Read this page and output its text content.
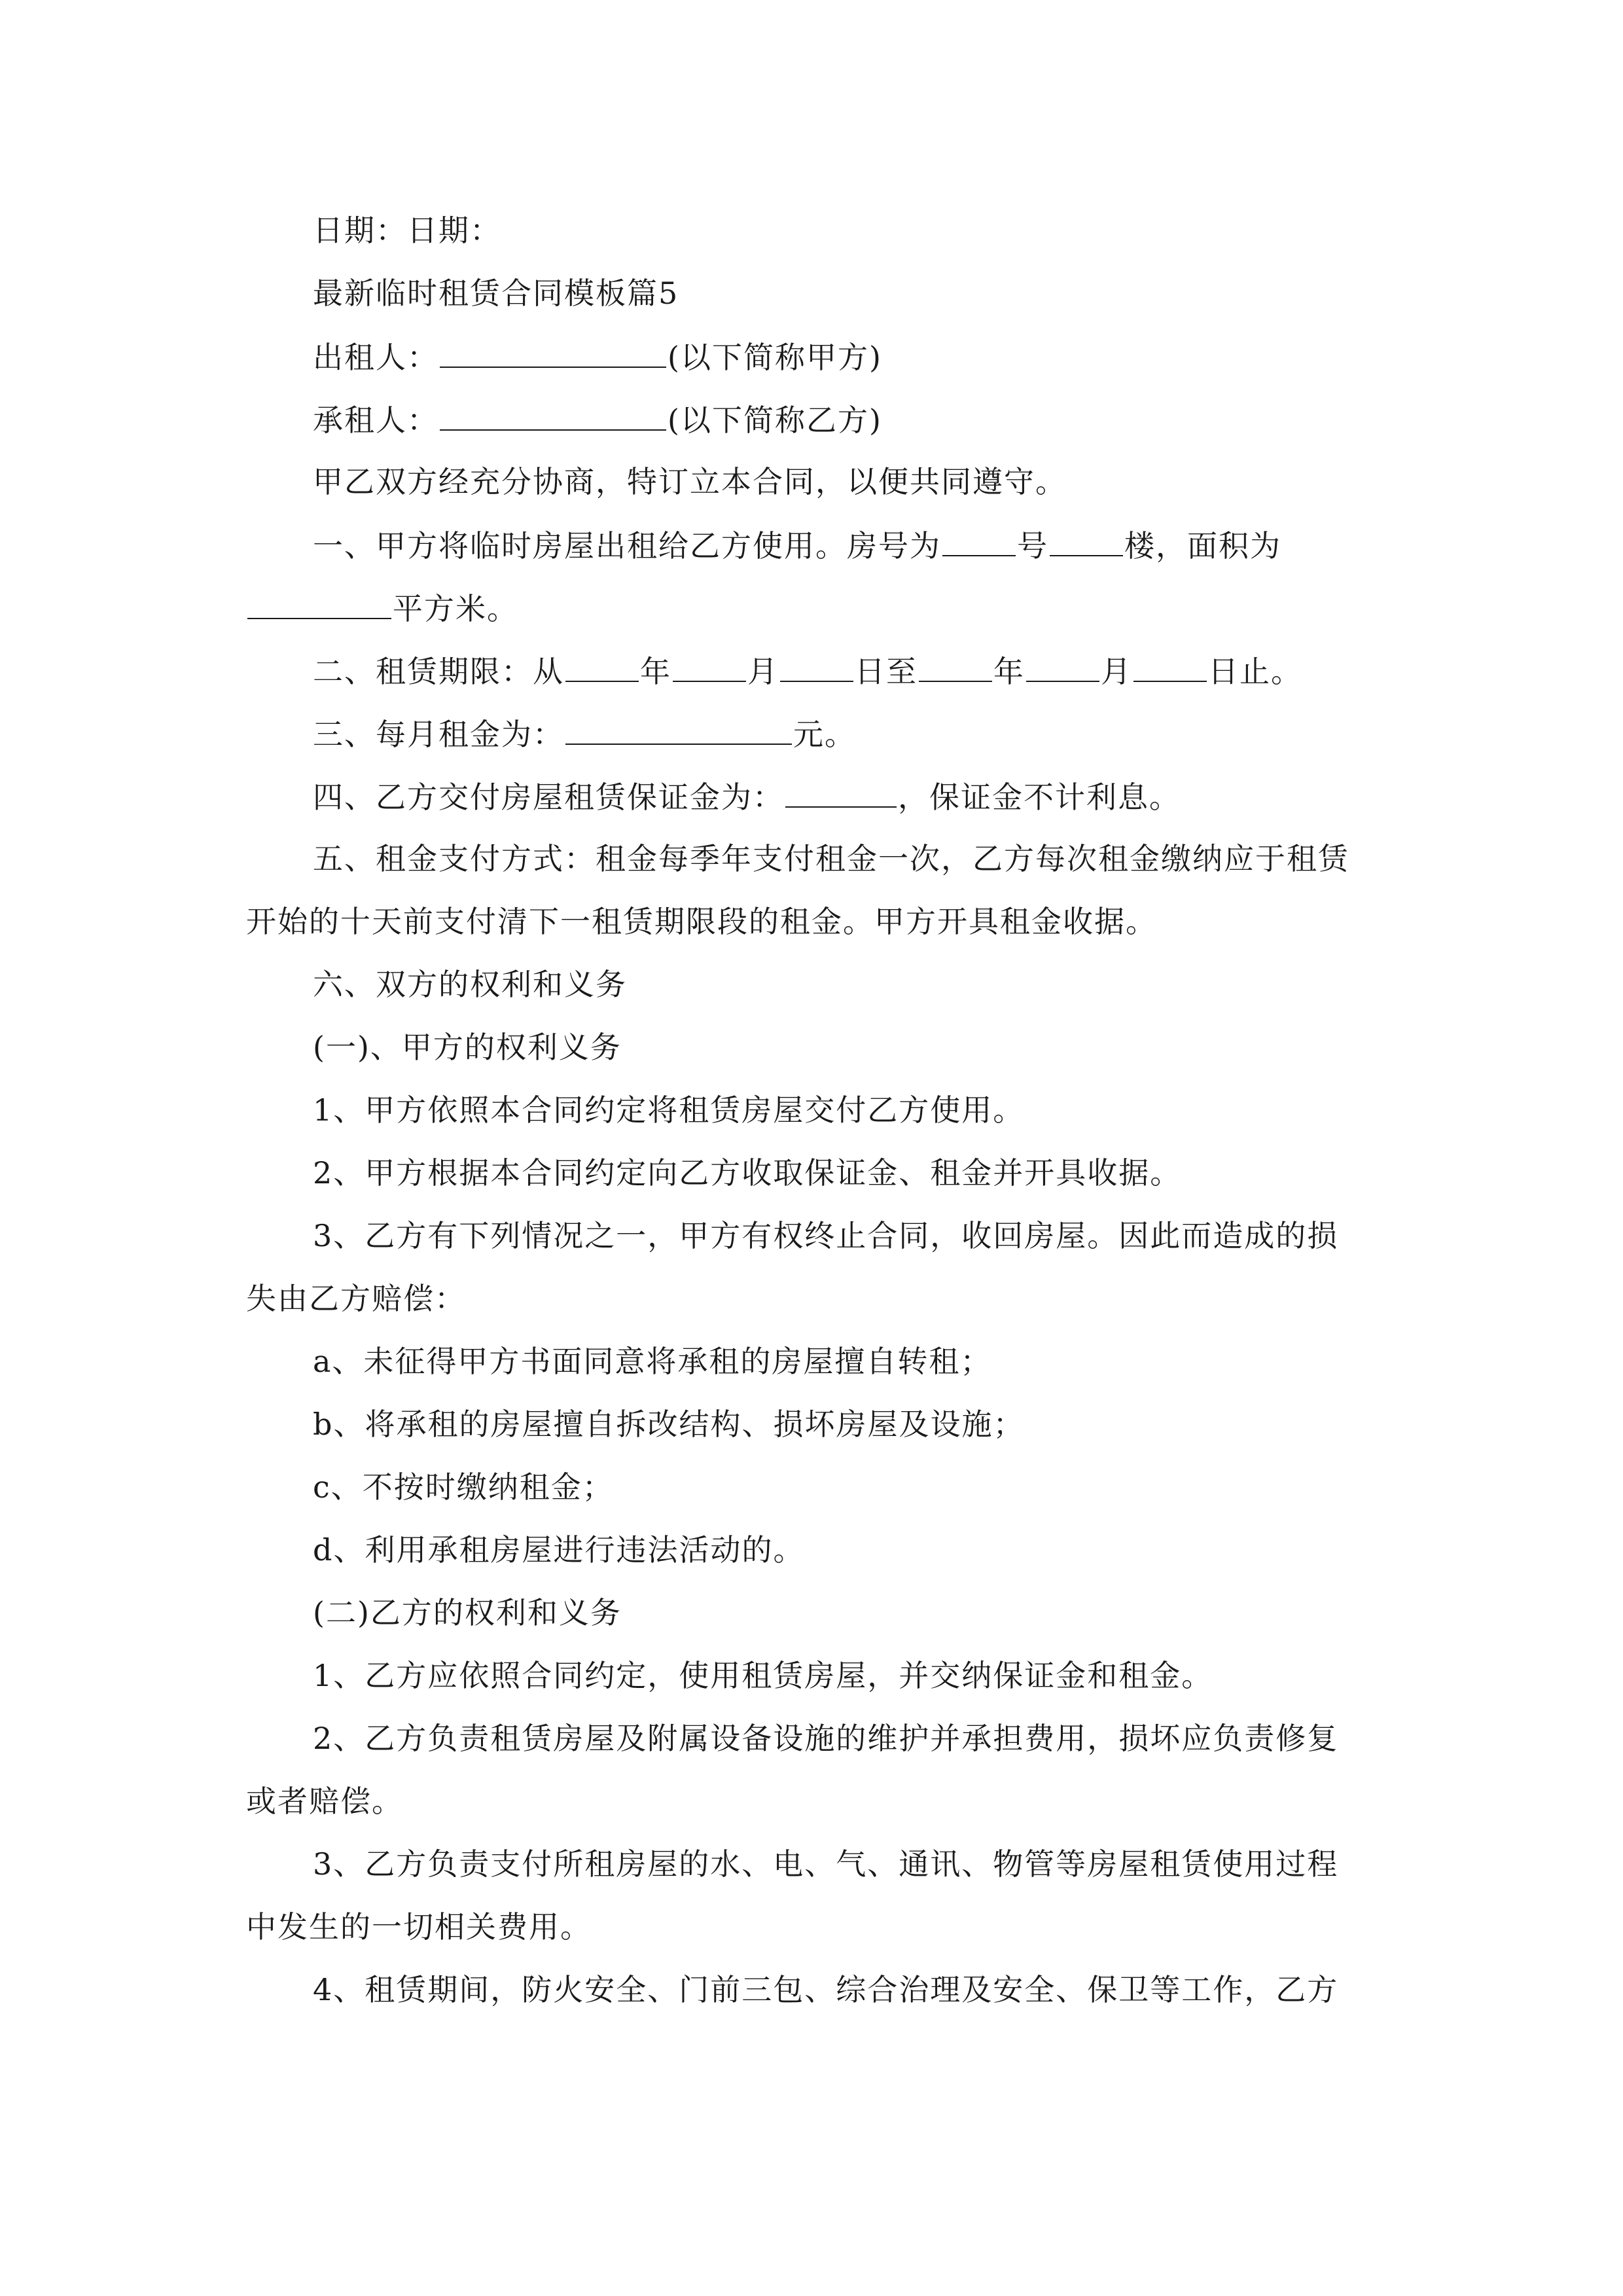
日期：日期：
最新临时租赁合同模板篇5
出租人：	(以下简称甲方)
承租人：	(以下简称乙方)
甲乙双方经充分协商，特订立本合同，以便共同遵守。
一、甲方将临时房屋出租给乙方使用。房号为	号	楼，面积为
平方米。
二、租赁期限：从	年	月	日至	年	月	日止。
三、每月租金为：	元。
四、乙方交付房屋租赁保证金为：	，保证金不计利息。
五、租金支付方式：租金每季年支付租金一次，乙方每次租金缴纳应于租赁
开始的十天前支付清下一租赁期限段的租金。甲方开具租金收据。
六、双方的权利和义务
(一)、甲方的权利义务
1、甲方依照本合同约定将租赁房屋交付乙方使用。
2、甲方根据本合同约定向乙方收取保证金、租金并开具收据。
3、乙方有下列情况之一，甲方有权终止合同，收回房屋。因此而造成的损
失由乙方赔偿：
a、未征得甲方书面同意将承租的房屋擅自转租；
b、将承租的房屋擅自拆改结构、损坏房屋及设施；
c、不按时缴纳租金；
d、利用承租房屋进行违法活动的。
(二)乙方的权利和义务
1、乙方应依照合同约定，使用租赁房屋，并交纳保证金和租金。
2、乙方负责租赁房屋及附属设备设施的维护并承担费用，损坏应负责修复
或者赔偿。
3、乙方负责支付所租房屋的水、电、气、通讯、物管等房屋租赁使用过程
中发生的一切相关费用。
4、租赁期间，防火安全、门前三包、综合治理及安全、保卫等工作，乙方
